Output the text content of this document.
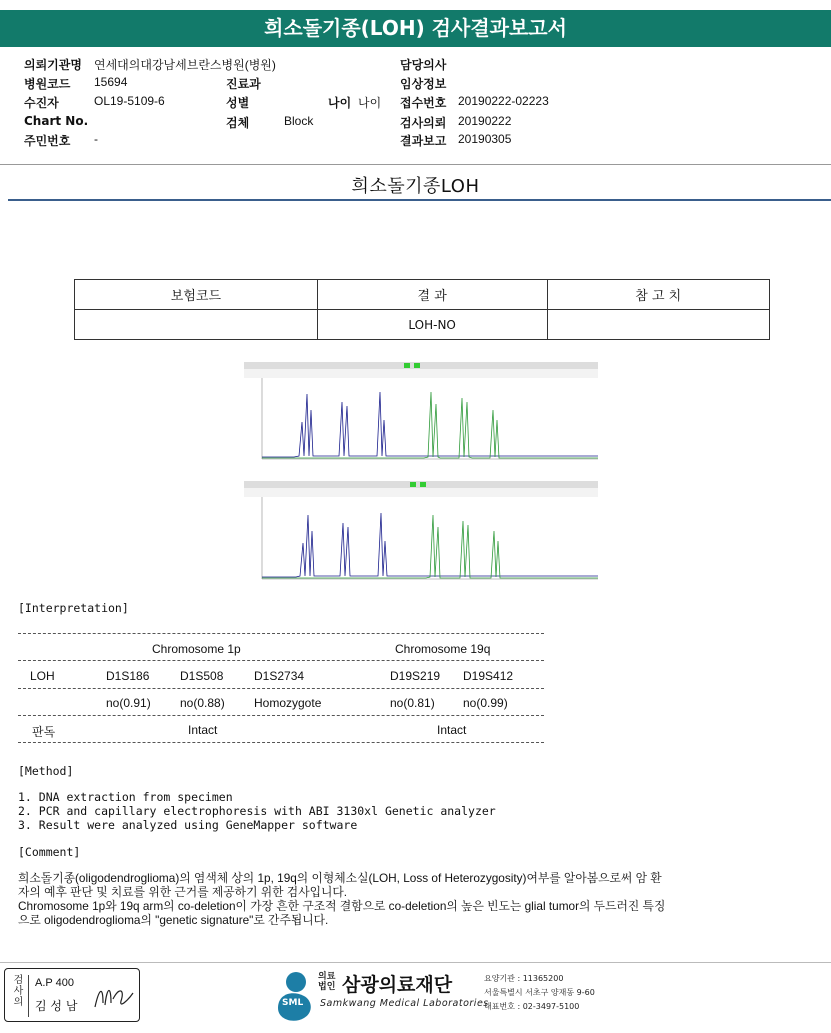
희소돌기종(LOH) 검사결과보고서
의뢰기관명 연세대의대강남세브란스병원(병원)	담당의사
병원코드 15694	진료과	임상정보
수진자	OL19-5109-6	성별	나이 나이 접수번호 20190222-02223
Chart No.	검체	Block	검사의뢰 20190222
주민번호 -	결과보고 20190305
희소돌기종LOH
보험코드	결 과	참 고 치
	LOH-NO	
[Interpretation]
Chromosome 1p	Chromosome 19q
LOH	D1S186	D1S508	D1S2734	D19S219 D19S412
no(0.91) no(0.88) Homozygote	no(0.81) no(0.99)
판독	Intact	Intact
[Method]
1. DNA extraction from specimen
2. PCR and capillary electrophoresis with ABI 3130xl Genetic analyzer
3. Result were analyzed using GeneMapper software
[Comment]
희소돌기종(oligodendroglioma)의 염색체 상의 1p, 19q의 이형체소실(LOH, Loss of Heterozygosity)여부를 알아봄으로써 암 환
자의 예후 판단 및 치료를 위한 근거를 제공하기 위한 검사입니다.
Chromosome 1p와 19q arm의 co-deletion이 가장 흔한 구조적 결함으로 co-deletion의 높은 빈도는 glial tumor의 두드러진 특징
으로 oligodendroglioma의 "genetic signature"로 간주됩니다.
검
사
의
A.P 400
김 성 남	SML
의료
법인 삼광의료재단
Samkwang Medical Laboratories
요양기관 : 11365200
서울특별시 서초구 양재동 9-60
대표번호 : 02-3497-5100
